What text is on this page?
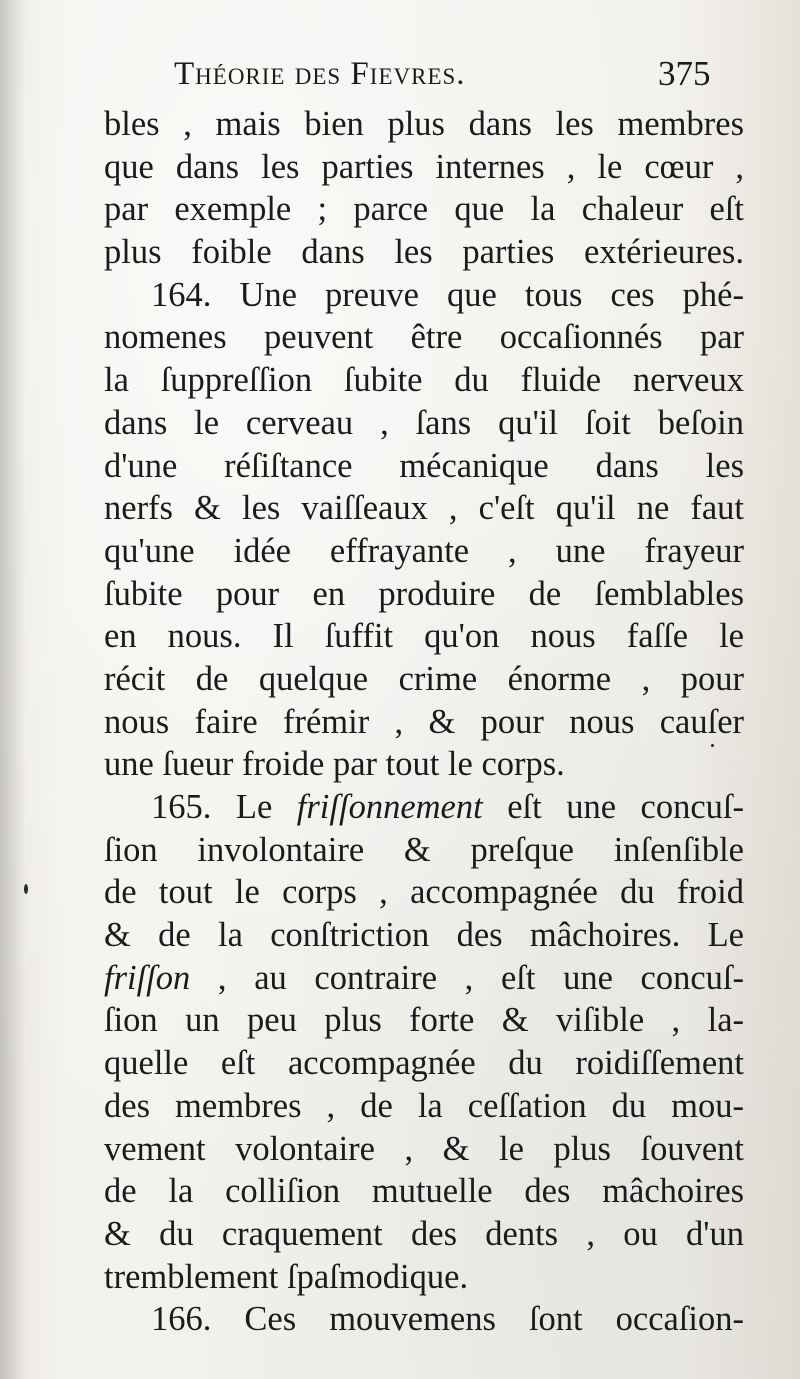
Théorie des Fievres.	375
bles , mais bien plus dans les membres
que dans les parties internes , le cœur ,
par exemple ; parce que la chaleur eſt
plus foible dans les parties extérieures.
164. Une preuve que tous ces phé-
nomenes peuvent être occaſionnés par
la ſuppreſſion ſubite du fluide nerveux
dans le cerveau , ſans qu'il ſoit beſoin
d'une réſiſtance mécanique dans les
nerfs & les vaiſſeaux , c'eſt qu'il ne faut
qu'une idée effrayante , une frayeur
ſubite pour en produire de ſemblables
en nous. Il ſuffit qu'on nous faſſe le
récit de quelque crime énorme , pour
nous faire frémir , & pour nous cauſer
une ſueur froide par tout le corps.
165. Le friſſonnement eſt une concuſ-
ſion involontaire & preſque inſenſible
de tout le corps , accompagnée du froid
& de la conſtriction des mâchoires. Le
friſſon , au contraire , eſt une concuſ-
ſion un peu plus forte & viſible , la-
quelle eſt accompagnée du roidiſſement
des membres , de la ceſſation du mou-
vement volontaire , & le plus ſouvent
de la colliſion mutuelle des mâchoires
& du craquement des dents , ou d'un
tremblement ſpaſmodique.
166. Ces mouvemens ſont occaſion-
